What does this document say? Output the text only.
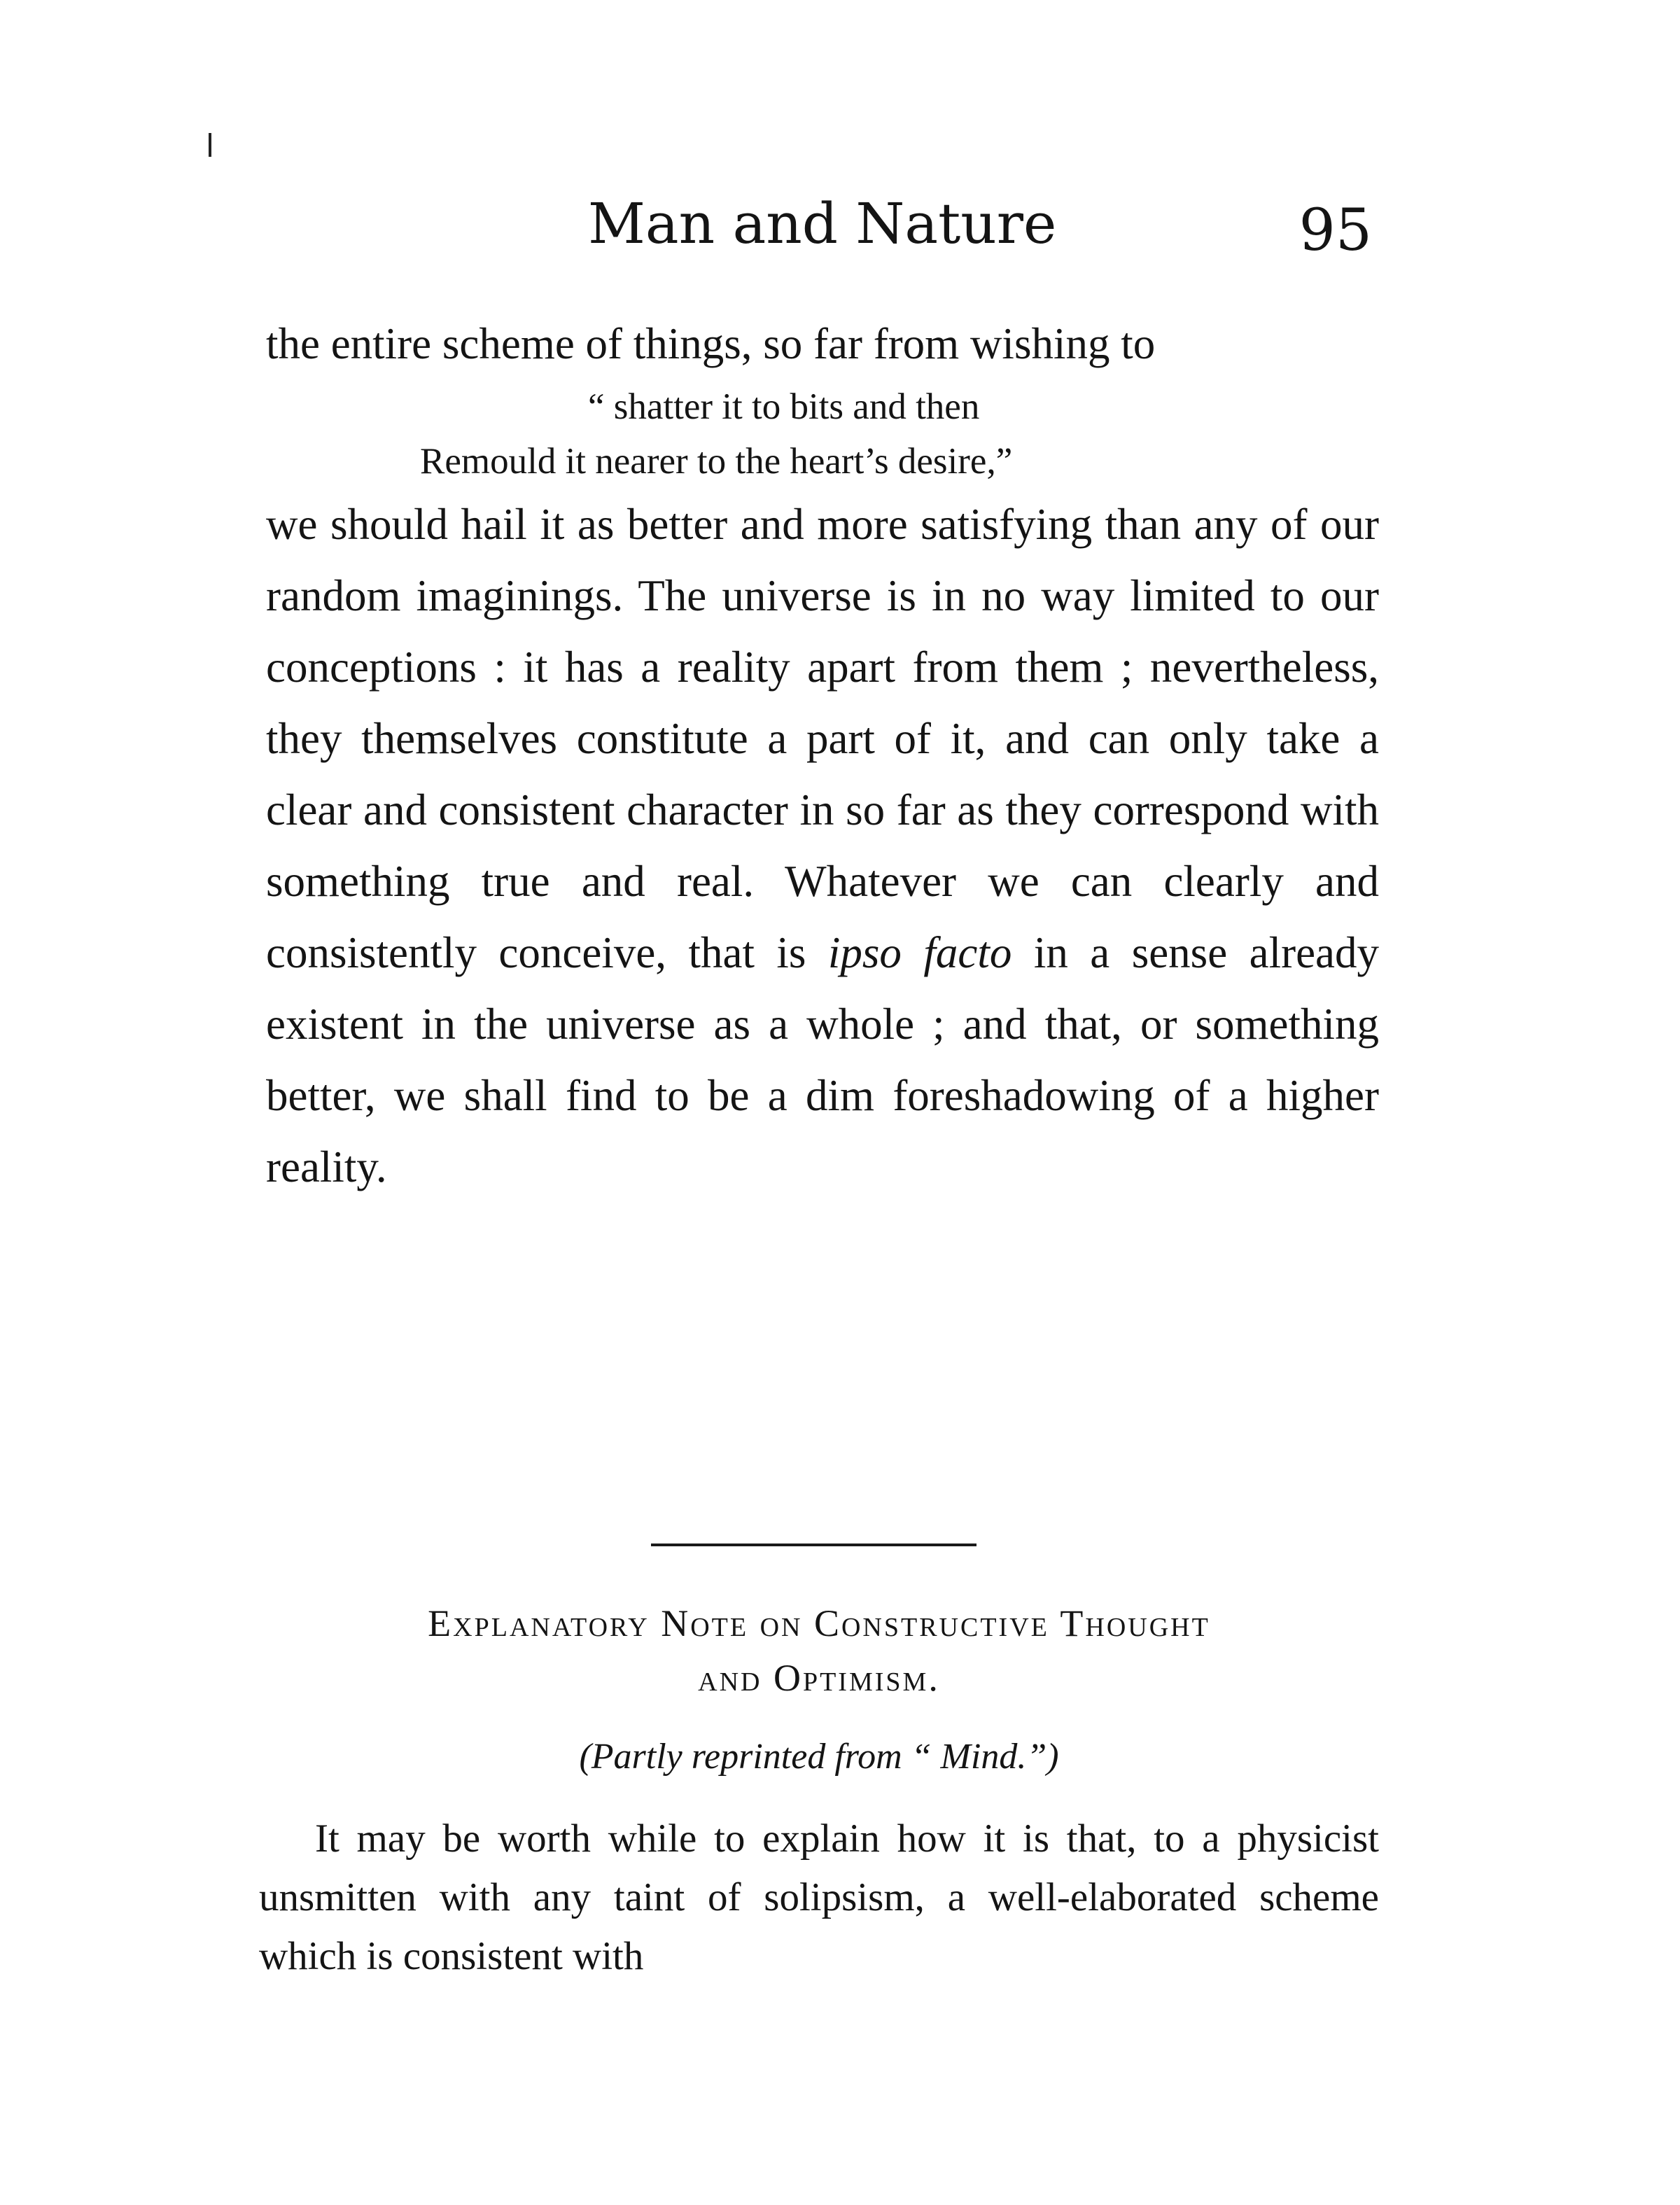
Man and Nature	95

the entire scheme of things, so far from wishing to

“ shatter it to bits and then
Remould it nearer to the heart’s desire,”

we should hail it as better and more satisfying than any of our random imaginings. The universe is in no way limited to our conceptions : it has a reality apart from them ; nevertheless, they themselves constitute a part of it, and can only take a clear and consistent character in so far as they correspond with something true and real. Whatever we can clearly and consistently conceive, that is ipso facto in a sense already existent in the universe as a whole ; and that, or something better, we shall find to be a dim foreshadowing of a higher reality.

Explanatory Note on Constructive Thought
and Optimism.
(Partly reprinted from “ Mind.”)

It may be worth while to explain how it is that, to a physicist unsmitten with any taint of solipsism, a well-elaborated scheme which is consistent with
